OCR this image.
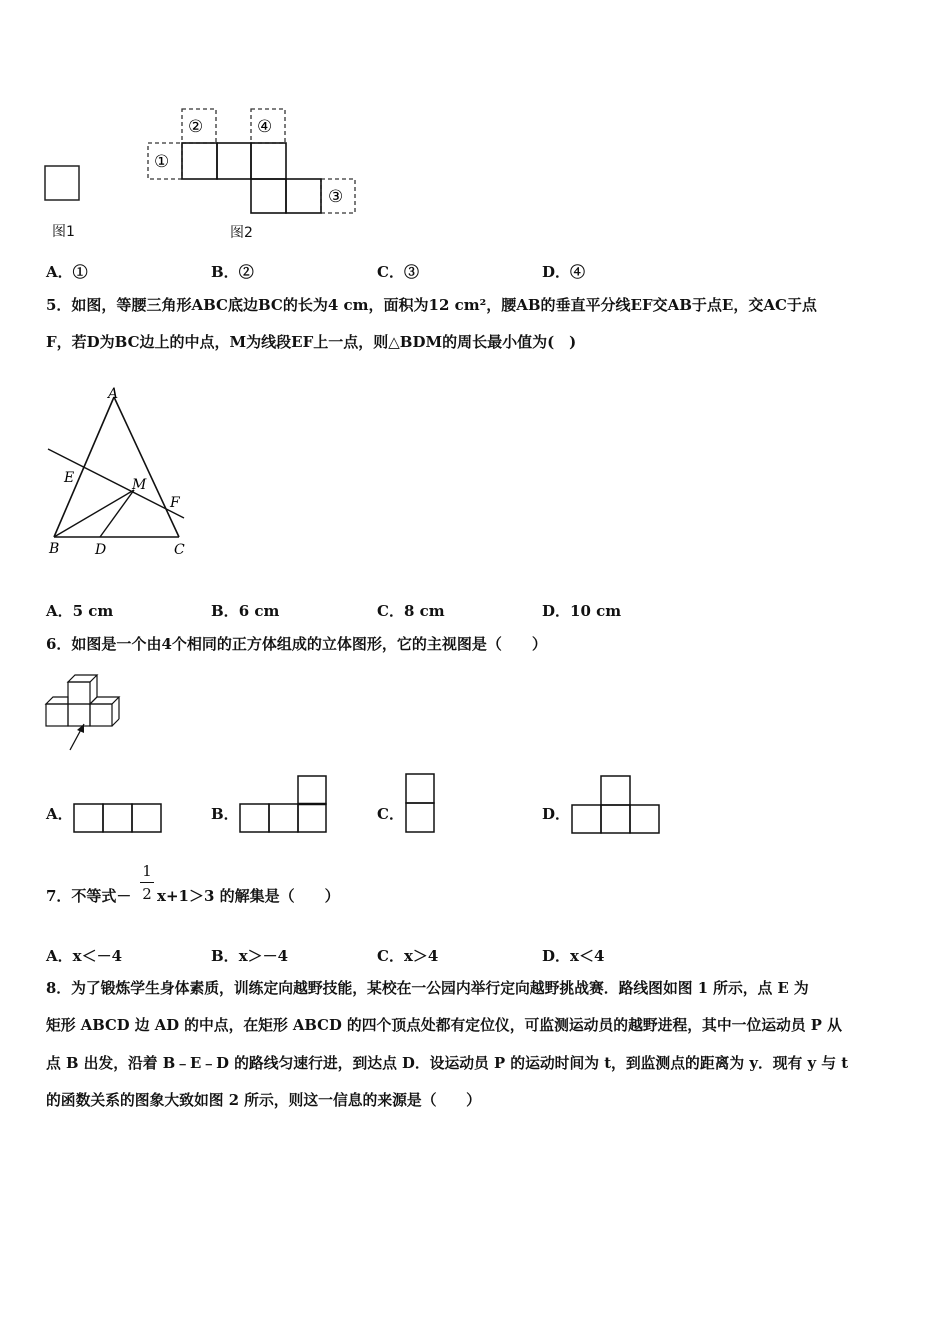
图1
①
②	④
③
图2
A．①	B．②	C．③	D．④
5．如图，等腰三角形ABC底边BC的长为4 cm，面积为12 cm²，腰AB的垂直平分线EF交AB于点E，交AC于点
F，若D为BC边上的中点，M为线段EF上一点，则△BDM的周长最小值为(　)
A
E	M
F
B	D	C
A．5 cm	B．6 cm	C．8 cm	D．10 cm
6．如图是一个由4个相同的正方体组成的立体图形，它的主视图是（　　）
A．	B．	C．	D．
7．不等式－
1
2 x+1＞3 的解集是（　　）
A．x＜－4	B．x＞－4	C．x＞4	D．x＜4
8．为了锻炼学生身体素质，训练定向越野技能，某校在一公园内举行定向越野挑战赛．路线图如图 1 所示，点 E 为
矩形 ABCD 边 AD 的中点，在矩形 ABCD 的四个顶点处都有定位仪，可监测运动员的越野进程，其中一位运动员 P 从
点 B 出发，沿着 B﹣E﹣D 的路线匀速行进，到达点 D．设运动员 P 的运动时间为 t，到监测点的距离为 y．现有 y 与 t
的函数关系的图象大致如图 2 所示，则这一信息的来源是（　　）
